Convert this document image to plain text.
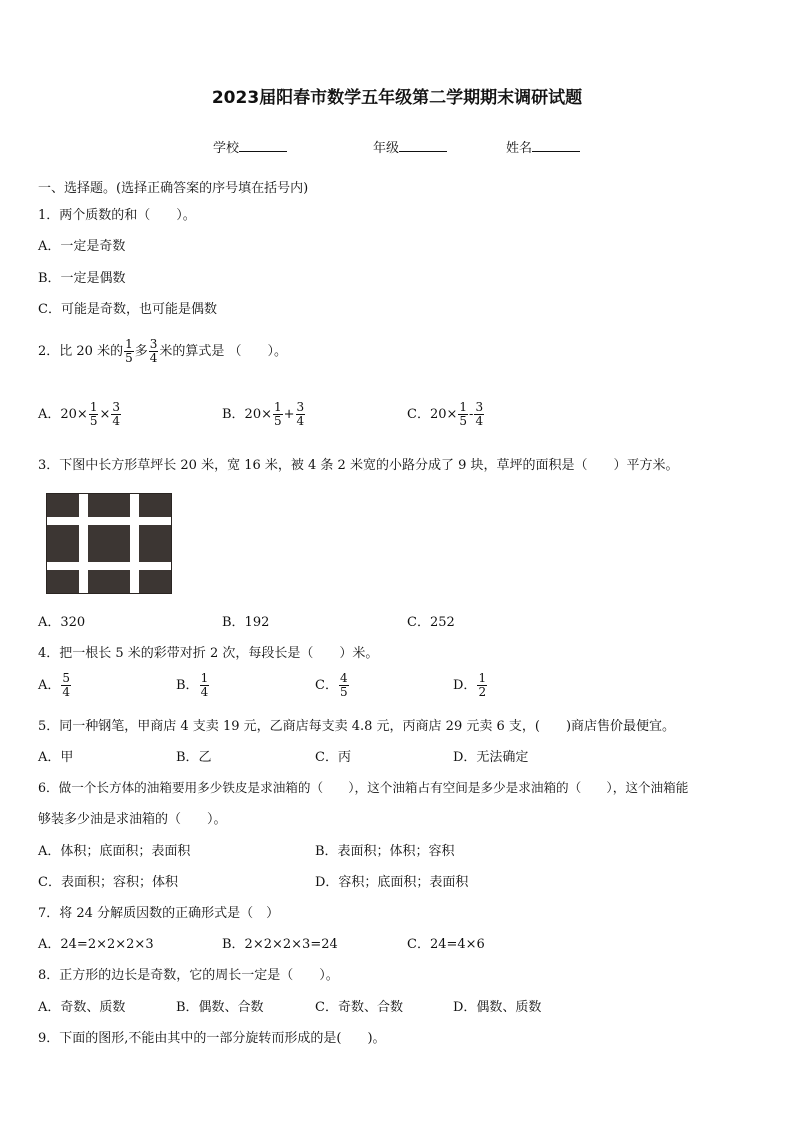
2023届阳春市数学五年级第二学期期末调研试题
学校	年级	姓名
一、选择题。(选择正确答案的序号填在括号内)
1．两个质数的和（　　）。
A．一定是奇数
B．一定是偶数
C．可能是奇数，也可能是偶数
2．比 20 米的 $\frac{1}{5}$ 多 $\frac{3}{4}$ 米的算式是 （　　）。
A．$20\times \frac{1}{5} \times \frac{3}{4}$	B．$20\times \frac{1}{5} + \frac{3}{4}$	C．$20\times \frac{1}{5} - \frac{3}{4}$
3．下图中长方形草坪长 20 米，宽 16 米，被 4 条 2 米宽的小路分成了 9 块，草坪的面积是（　　）平方米。
A．320	B．192	C．252
4．把一根长 5 米的彩带对折 2 次，每段长是（　　）米。
A． $\frac{5}{4}$	B． $\frac{1}{4}$	C． $\frac{4}{5}$	D． $\frac{1}{2}$
5．同一种钢笔，甲商店 4 支卖 19 元，乙商店每支卖 4.8 元，丙商店 29 元卖 6 支，(　　)商店售价最便宜。
A．甲	B．乙	C．丙	D．无法确定
6．做一个长方体的油箱要用多少铁皮是求油箱的（　　），这个油箱占有空间是多少是求油箱的（　　），这个油箱能
够装多少油是求油箱的（　　）。
A．体积；底面积；表面积	B．表面积；体积；容积
C．表面积；容积；体积	D．容积；底面积；表面积
7．将 24 分解质因数的正确形式是（　）
A．24=2×2×2×3	B．2×2×2×3=24	C．24=4×6
8．正方形的边长是奇数，它的周长一定是（　　）。
A．奇数、质数	B．偶数、合数	C．奇数、合数	D．偶数、质数
9．下面的图形,不能由其中的一部分旋转而形成的是(　　)。
